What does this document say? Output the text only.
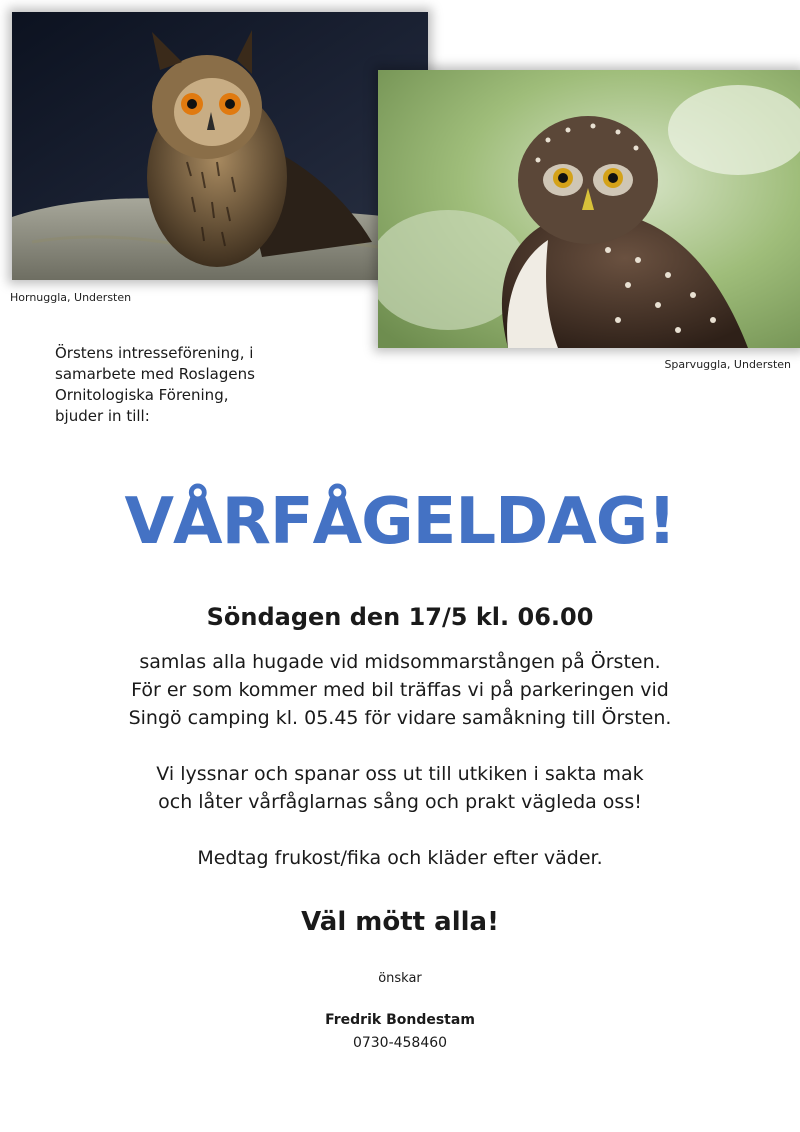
Hornuggla, Understen
Sparvuggla, Understen
Örstens intresseförening, i
samarbete med Roslagens
Ornitologiska Förening,
bjuder in till:
VÅRFÅGELDAG!
Söndagen den 17/5 kl. 06.00
samlas alla hugade vid midsommarstången på Örsten.
För er som kommer med bil träffas vi på parkeringen vid
Singö camping kl. 05.45 för vidare samåkning till Örsten.
Vi lyssnar och spanar oss ut till utkiken i sakta mak
och låter vårfåglarnas sång och prakt vägleda oss!
Medtag frukost/fika och kläder efter väder.
Väl mött alla!
önskar
Fredrik Bondestam
0730-458460
